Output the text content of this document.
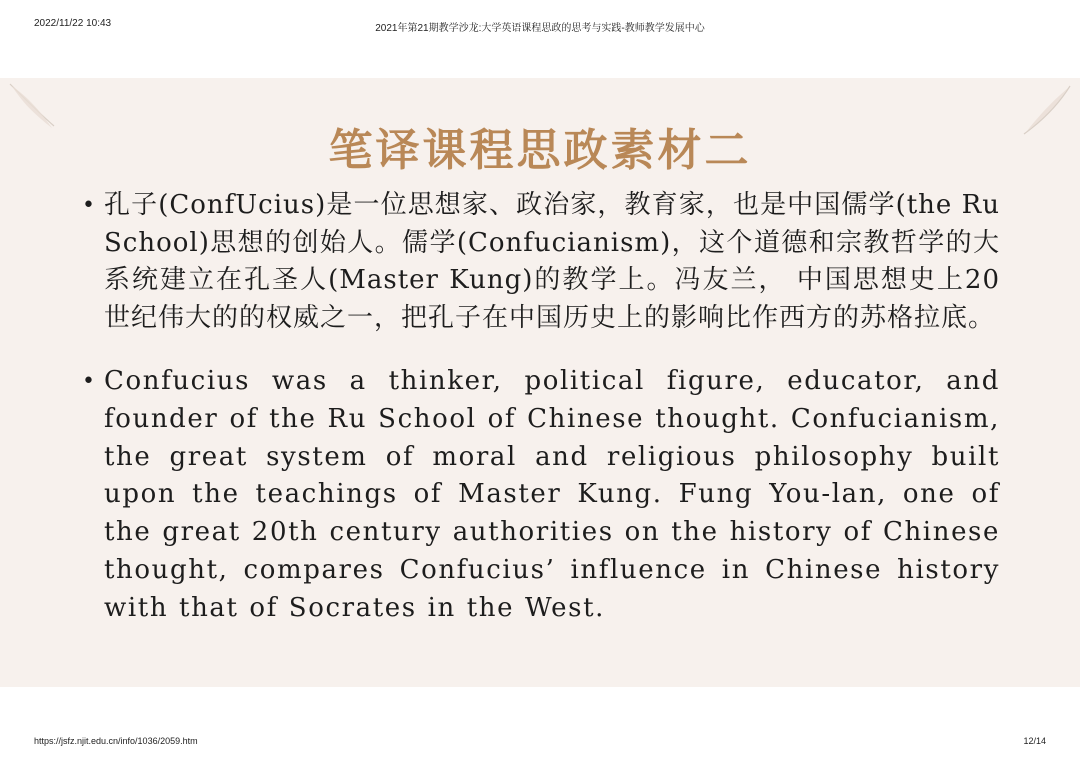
2022/11/22 10:43	2021年第21期教学沙龙:大学英语课程思政的思考与实践-教师教学发展中心
笔译课程思政素材二
• 孔子(ConfUcius)是一位思想家、政治家，教育家，也是中国儒学(the Ru School)思想的创始人。儒学(Confucianism)，这个道德和宗教哲学的大系统建立在孔圣人(Master Kung)的教学上。冯友兰， 中国思想史上20世纪伟大的的权威之一，把孔子在中国历史上的影响比作西方的苏格拉底。
• Confucius was a thinker, political figure, educator, and founder of the Ru School of Chinese thought. Confucianism, the great system of moral and religious philosophy built upon the teachings of Master Kung. Fung You-lan, one of the great 20th century authorities on the history of Chinese thought, compares Confucius’ influence in Chinese history with that of Socrates in the West.
https://jsfz.njit.edu.cn/info/1036/2059.htm	12/14
